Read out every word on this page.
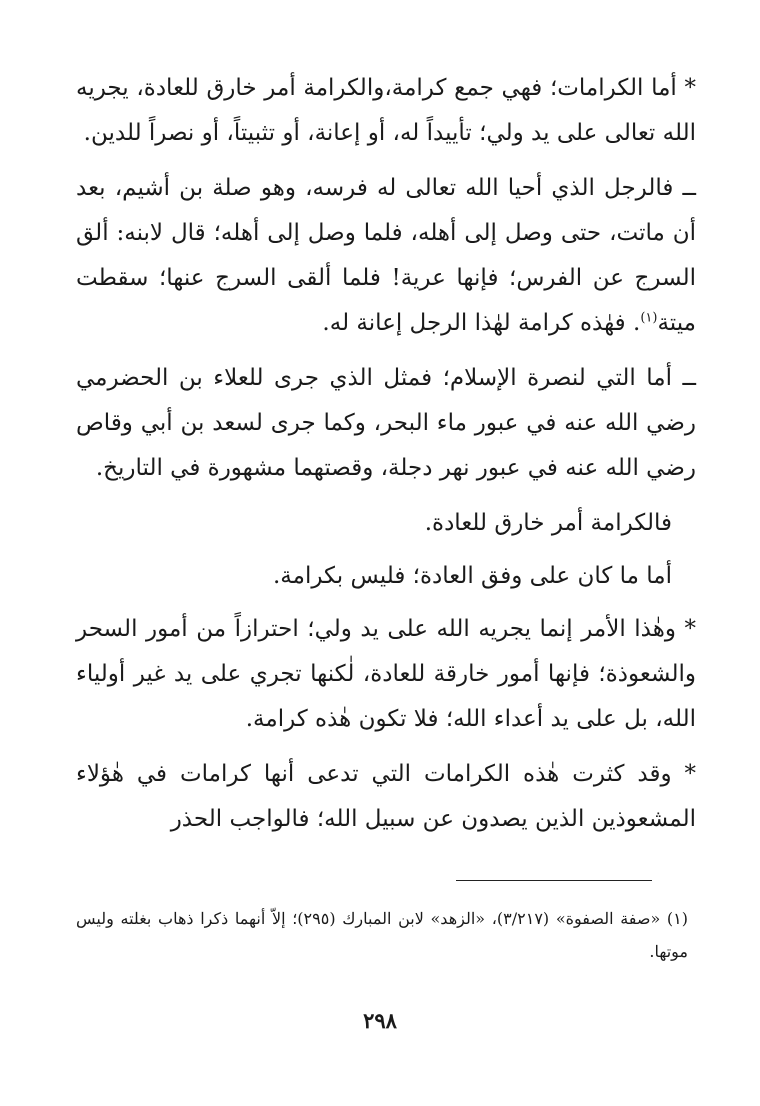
* أما الكرامات؛ فهي جمع كرامة،والكرامة أمر خارق للعادة، يجريه الله تعالى على يد ولي؛ تأييداً له، أو إعانة، أو تثبيتاً، أو نصراً للدين.

ــ فالرجل الذي أحيا الله تعالى له فرسه، وهو صلة بن أشيم، بعد أن ماتت، حتى وصل إلى أهله، فلما وصل إلى أهله؛ قال لابنه: ألق السرج عن الفرس؛ فإنها عرية! فلما ألقى السرج عنها؛ سقطت ميتة$^{(١)}$. فهٰذه كرامة لهٰذا الرجل إعانة له.

ــ أما التي لنصرة الإسلام؛ فمثل الذي جرى للعلاء بن الحضرمي رضي الله عنه في عبور ماء البحر، وكما جرى لسعد بن أبي وقاص رضي الله عنه في عبور نهر دجلة، وقصتهما مشهورة في التاريخ.

فالكرامة أمر خارق للعادة.

أما ما كان على وفق العادة؛ فليس بكرامة.

* وهٰذا الأمر إنما يجريه الله على يد ولي؛ احترازاً من أمور السحر والشعوذة؛ فإنها أمور خارقة للعادة، لٰكنها تجري على يد غير أولياء الله، بل على يد أعداء الله؛ فلا تكون هٰذه كرامة.

* وقد كثرت هٰذه الكرامات التي تدعى أنها كرامات في هٰؤلاء المشعوذين الذين يصدون عن سبيل الله؛ فالواجب الحذر

(١) «صفة الصفوة» (٣/٢١٧)، «الزهد» لابن المبارك (٢٩٥)؛ إلاّ أنهما ذكرا ذهاب بغلته وليس موتها.
٢٩٨
